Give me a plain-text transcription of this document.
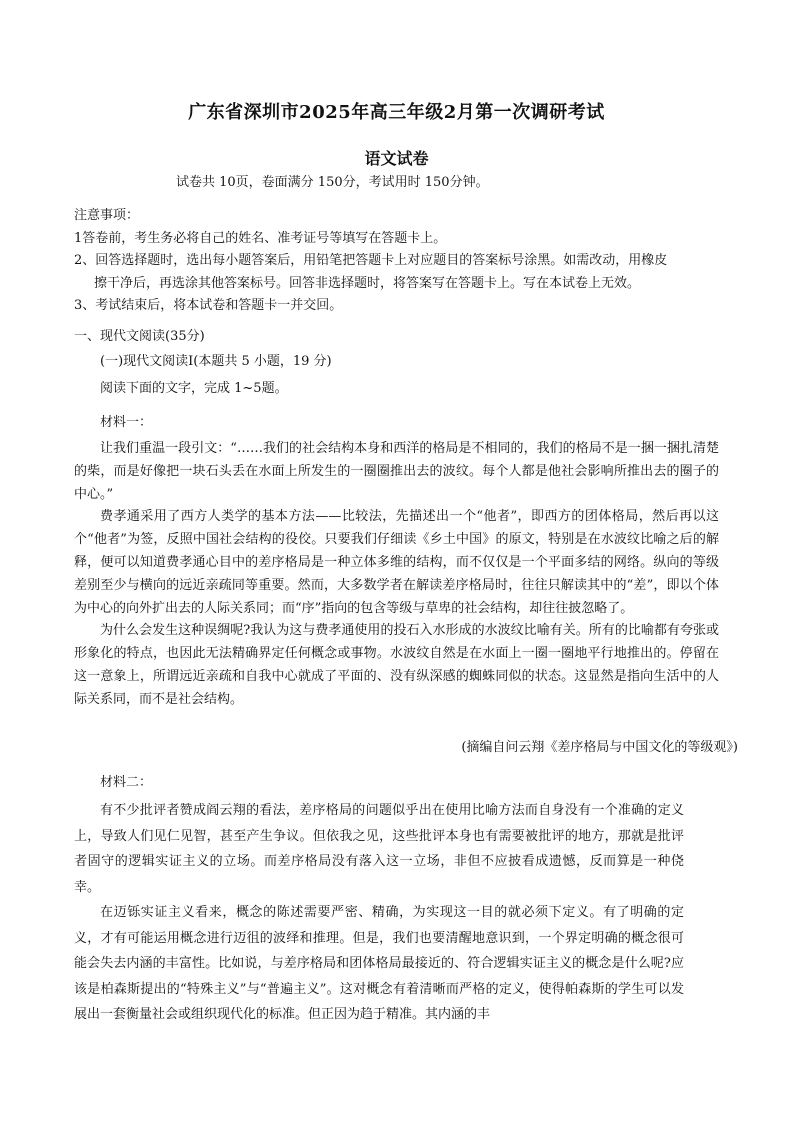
广东省深圳市2025年高三年级2月第一次调研考试
语文试卷
试卷共 10页，卷面满分 150分，考试用时 150分钟。
注意事项：
1答卷前，考生务必将自己的姓名、准考证号等填写在答题卡上。
2、回答选择题时，选出每小题答案后，用铅笔把答题卡上对应题目的答案标号涂黑。如需改动，用橡皮
擦干净后，再选涂其他答案标号。回答非选择题时，将答案写在答题卡上。写在本试卷上无效。
3、考试结束后，将本试卷和答题卡一并交回。
一、现代文阅读(35分)
(一)现代文阅读Ⅰ(本题共 5 小题，19 分)
阅读下面的文字，完成 1~5题。
材料一：

让我们重温一段引文：“……我们的社会结构本身和西洋的格局是不相同的，我们的格局不是一捆一捆扎清楚的柴，而是好像把一块石头丢在水面上所发生的一圈圈推出去的波纹。每个人都是他社会影响所推出去的圈子的中心。”

费孝通采用了西方人类学的基本方法——比较法，先描述出一个“他者”，即西方的团体格局，然后再以这个“他者”为签，反照中国社会结构的役佼。只要我们仔细读《乡土中国》的原文，特别是在水波纹比喻之后的解释，便可以知道费孝通心目中的差序格局是一种立体多维的结构，而不仅仅是一个平面多结的网络。纵向的等级差别至少与横向的远近亲疏同等重要。然而，大多数学者在解读差序格局时，往往只解读其中的“差”，即以个体为中心的向外扩出去的人际关系同；而“序”指向的包含等级与草卑的社会结构，却往往披忽略了。

为什么会发生这种误绸呢?我认为这与费孝通使用的投石入水形成的水波纹比喻有关。所有的比喻都有夸张或形象化的特点，也因此无法精确界定任何概念或事物。水波纹自然是在水面上一圈一圈地平行地推出的。停留在这一意象上，所谓远近亲疏和自我中心就成了平面的、没有纵深感的蜘蛛同似的状态。这显然是指向生活中的人际关系同，而不是社会结构。

(摘编自问云翔《差序格局与中国文化的等级观》)
材料二：

有不少批评者赞成阎云翔的看法，差序格局的问题似乎出在使用比喻方法而自身没有一个准确的定义上，导致人们见仁见智，甚至产生争议。但依我之见，这些批评本身也有需要被批评的地方，那就是批评者固守的逻辑实证主义的立场。而差序格局没有落入这一立场，非但不应披看成遗憾，反而算是一种侥幸。

在迈铄实证主义看来，概念的陈述需要严密、精确，为实现这一目的就必须下定义。有了明确的定义，才有可能运用概念进行迈徂的波绎和推理。但是，我们也要清醒地意识到，一个界定明确的概念很可能会失去内涵的丰富性。比如说，与差序格局和团体格局最接近的、符合逻辑实证主义的概念是什么呢?应该是柏森斯提出的“特殊主义”与“普遍主义”。这对概念有着清晰而严格的定义，使得帕森斯的学生可以发展出一套衡量社会或组织现代化的标准。但正因为趋于精准。其内涵的丰
